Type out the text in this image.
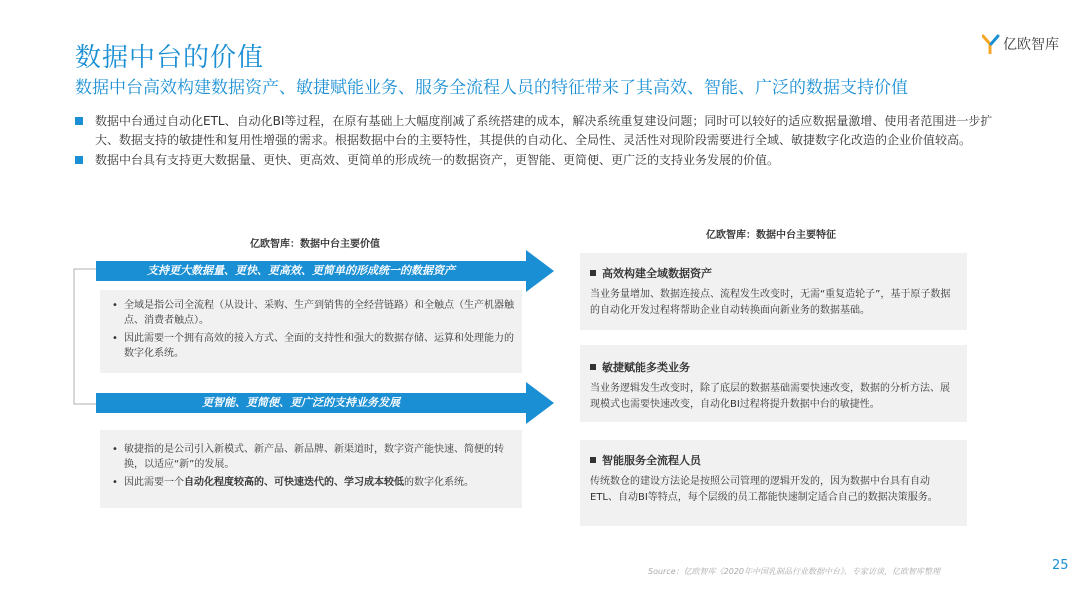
数据中台的价值
数据中台高效构建数据资产、敏捷赋能业务、服务全流程人员的特征带来了其高效、智能、广泛的数据支持价值
亿欧智库
数据中台通过自动化ETL、自动化BI等过程，在原有基础上大幅度削减了系统搭建的成本，解决系统重复建设问题；同时可以较好的适应数据量激增、使用者范围进一步扩大、数据支持的敏捷性和复用性增强的需求。根据数据中台的主要特性，其提供的自动化、全局性、灵活性对现阶段需要进行全域、敏捷数字化改造的企业价值较高。
数据中台具有支持更大数据量、更快、更高效、更简单的形成统一的数据资产，更智能、更简便、更广泛的支持业务发展的价值。
亿欧智库：数据中台主要价值
支持更大数据量、更快、更高效、更简单的形成统一的数据资产
• 全域是指公司全流程（从设计、采购、生产到销售的全经营链路）和全触点（生产机器触点、消费者触点）。
• 因此需要一个拥有高效的接入方式、全面的支持性和强大的数据存储、运算和处理能力的数字化系统。
更智能、更简便、更广泛的支持业务发展
• 敏捷指的是公司引入新模式、新产品、新品牌、新渠道时，数字资产能快速、简便的转换，以适应“新”的发展。
• 因此需要一个自动化程度较高的、可快速迭代的、学习成本较低的数字化系统。
亿欧智库：数据中台主要特征
高效构建全域数据资产

当业务量增加、数据连接点、流程发生改变时，无需“重复造轮子”，基于原子数据的自动化开发过程将帮助企业自动转换面向新业务的数据基础。

敏捷赋能多类业务

当业务逻辑发生改变时，除了底层的数据基础需要快速改变，数据的分析方法、展现模式也需要快速改变，自动化BI过程将提升数据中台的敏捷性。

智能服务全流程人员

传统数仓的建设方法论是按照公司管理的逻辑开发的，因为数据中台具有自动ETL、自动BI等特点，每个层级的员工都能快速制定适合自己的数据决策服务。

Source：亿欧智库《2020年中国乳制品行业数据中台》、专家访谈，亿欧智库整理	25
